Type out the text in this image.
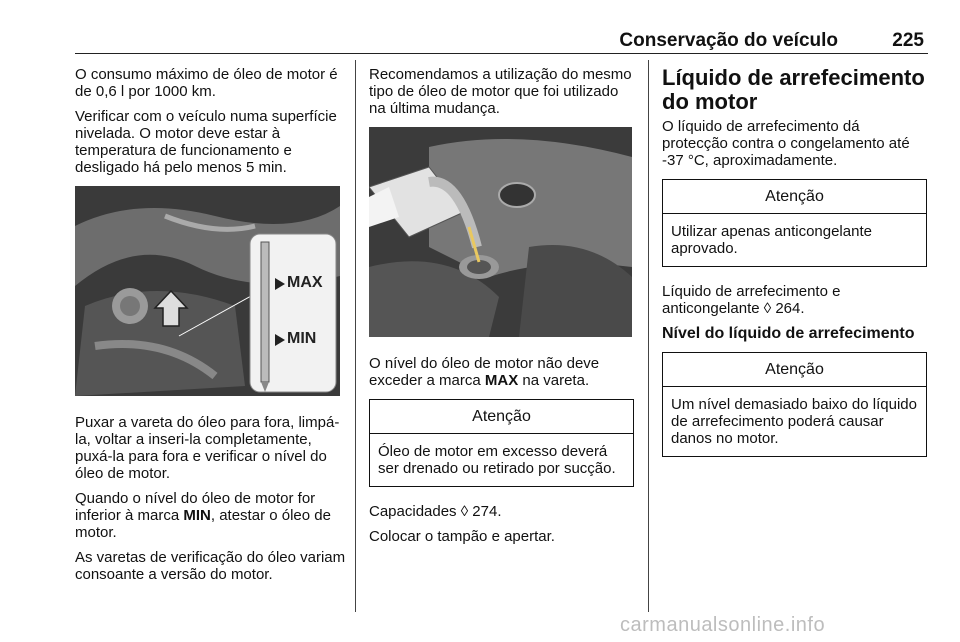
Conservação do veículo	225

O consumo máximo de óleo de motor é de 0,6 l por 1000 km.

Verificar com o veículo numa superfície nivelada. O motor deve estar à temperatura de funcionamento e desligado há pelo menos 5 min.

MAX
MIN

Puxar a vareta do óleo para fora, limpá-la, voltar a inseri-la completamente, puxá-la para fora e verificar o nível do óleo de motor.

Quando o nível do óleo de motor for inferior à marca MIN, atestar o óleo de motor.

As varetas de verificação do óleo variam consoante a versão do motor.

Recomendamos a utilização do mesmo tipo de óleo de motor que foi utilizado na última mudança.

O nível do óleo de motor não deve exceder a marca MAX na vareta.

Atenção
Óleo de motor em excesso deverá ser drenado ou retirado por sucção.

Capacidades ◊ 274.

Colocar o tampão e apertar.

Líquido de arrefecimento do motor

O líquido de arrefecimento dá protecção contra o congelamento até -37 °C, aproximadamente.

Atenção
Utilizar apenas anticongelante aprovado.

Líquido de arrefecimento e anticongelante ◊ 264.

Nível do líquido de arrefecimento
Atenção
Um nível demasiado baixo do líquido de arrefecimento poderá causar danos no motor.
carmanualsonline.info
